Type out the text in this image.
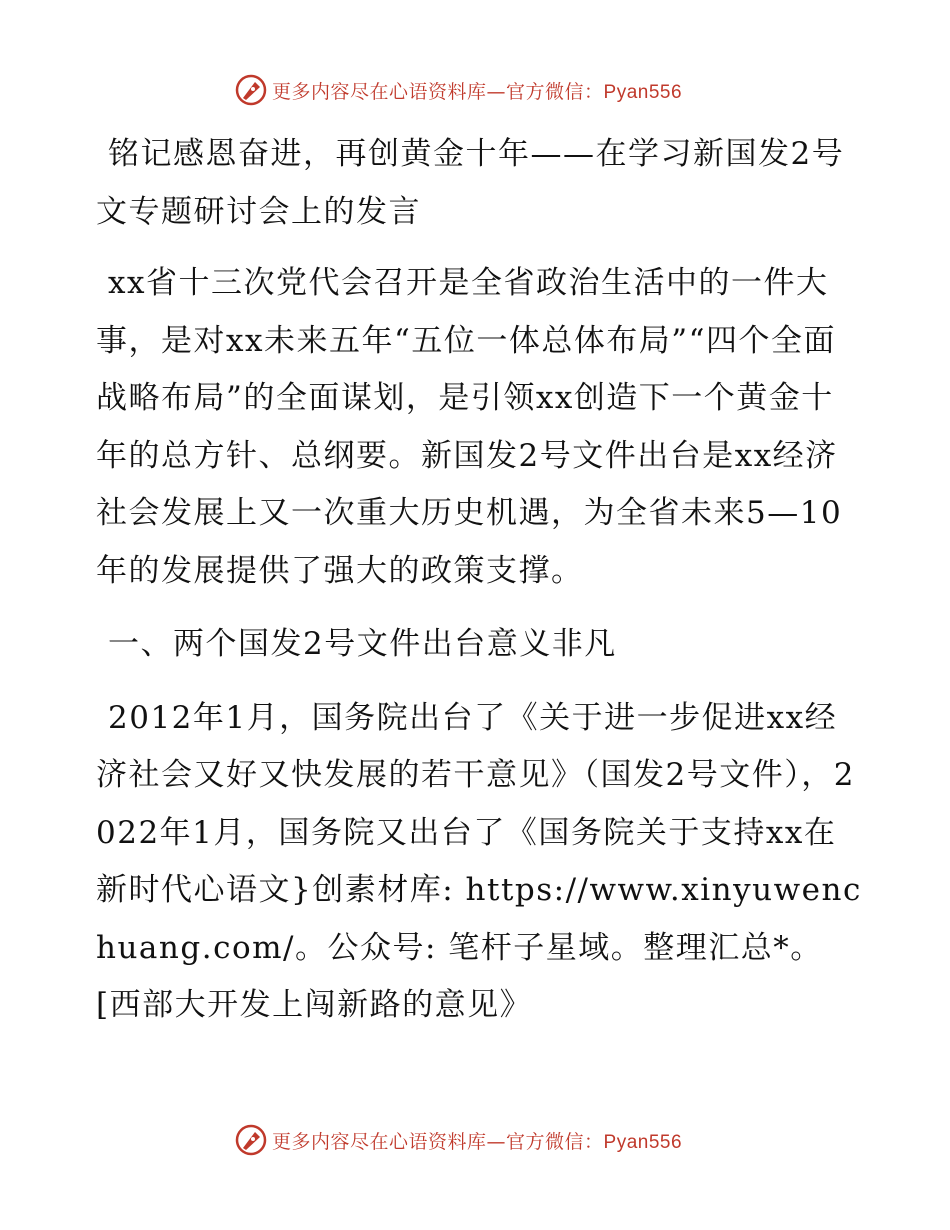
更多内容尽在心语资料库—官方微信：Pyan556

铭记感恩奋进，再创黄金十年——在学习新国发2号文专题研讨会上的发言

xx省十三次党代会召开是全省政治生活中的一件大事，是对xx未来五年“五位一体总体布局”“四个全面战略布局”的全面谋划，是引领xx创造下一个黄金十年的总方针、总纲要。新国发2号文件出台是xx经济社会发展上又一次重大历史机遇，为全省未来5—10年的发展提供了强大的政策支撑。

一、两个国发2号文件出台意义非凡

2012年1月，国务院出台了《关于进一步促进xx经济社会又好又快发展的若干意见》（国发2号文件），2022年1月，国务院又出台了《国务院关于支持xx在新时代心语文}创素材库: https://www.xinyuwenchuang.com/。公众号: 笔杆子星域。整理汇总*。[西部大开发上闯新路的意见》

更多内容尽在心语资料库—官方微信：Pyan556
